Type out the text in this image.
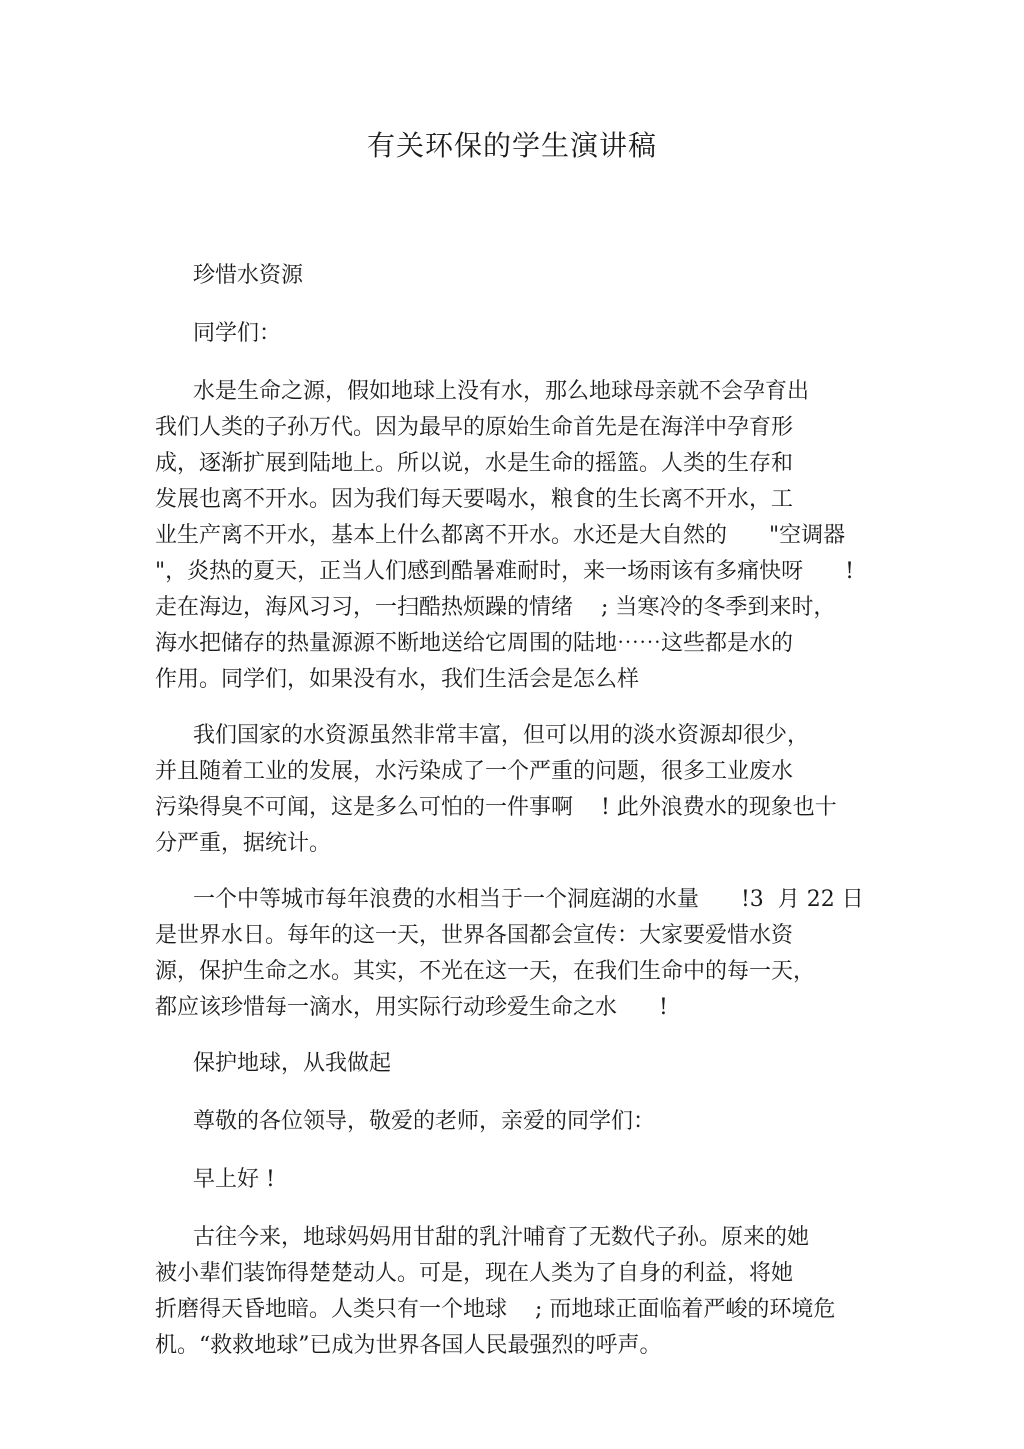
有关环保的学生演讲稿
珍惜水资源
同学们：
水是生命之源，假如地球上没有水，那么地球母亲就不会孕育出
我们人类的子孙万代。因为最早的原始生命首先是在海洋中孕育形
成，逐渐扩展到陆地上。所以说，水是生命的摇篮。人类的生存和
发展也离不开水。因为我们每天要喝水，粮食的生长离不开水，工
业生产离不开水，基本上什么都离不开水。水还是大自然的      "空调器
"，炎热的夏天，正当人们感到酷暑难耐时，来一场雨该有多痛快呀      !
走在海边，海风习习，一扫酷热烦躁的情绪    ; 当寒冷的冬季到来时，
海水把储存的热量源源不断地送给它周围的陆地⋯⋯这些都是水的
作用。同学们，如果没有水，我们生活会是怎么样
我们国家的水资源虽然非常丰富，但可以用的淡水资源却很少，
并且随着工业的发展，水污染成了一个严重的问题，很多工业废水
污染得臭不可闻，这是多么可怕的一件事啊    ! 此外浪费水的现象也十
分严重，据统计。
一个中等城市每年浪费的水相当于一个洞庭湖的水量      !3  月 22 日
是世界水日。每年的这一天，世界各国都会宣传：大家要爱惜水资
源，保护生命之水。其实，不光在这一天，在我们生命中的每一天，
都应该珍惜每一滴水，用实际行动珍爱生命之水      !
保护地球，从我做起
尊敬的各位领导，敬爱的老师，亲爱的同学们：
早上好 !
古往今来，地球妈妈用甘甜的乳汁哺育了无数代子孙。原来的她
被小辈们装饰得楚楚动人。可是，现在人类为了自身的利益，将她
折磨得天昏地暗。人类只有一个地球    ; 而地球正面临着严峻的环境危
机。“救救地球”已成为世界各国人民最强烈的呼声。
